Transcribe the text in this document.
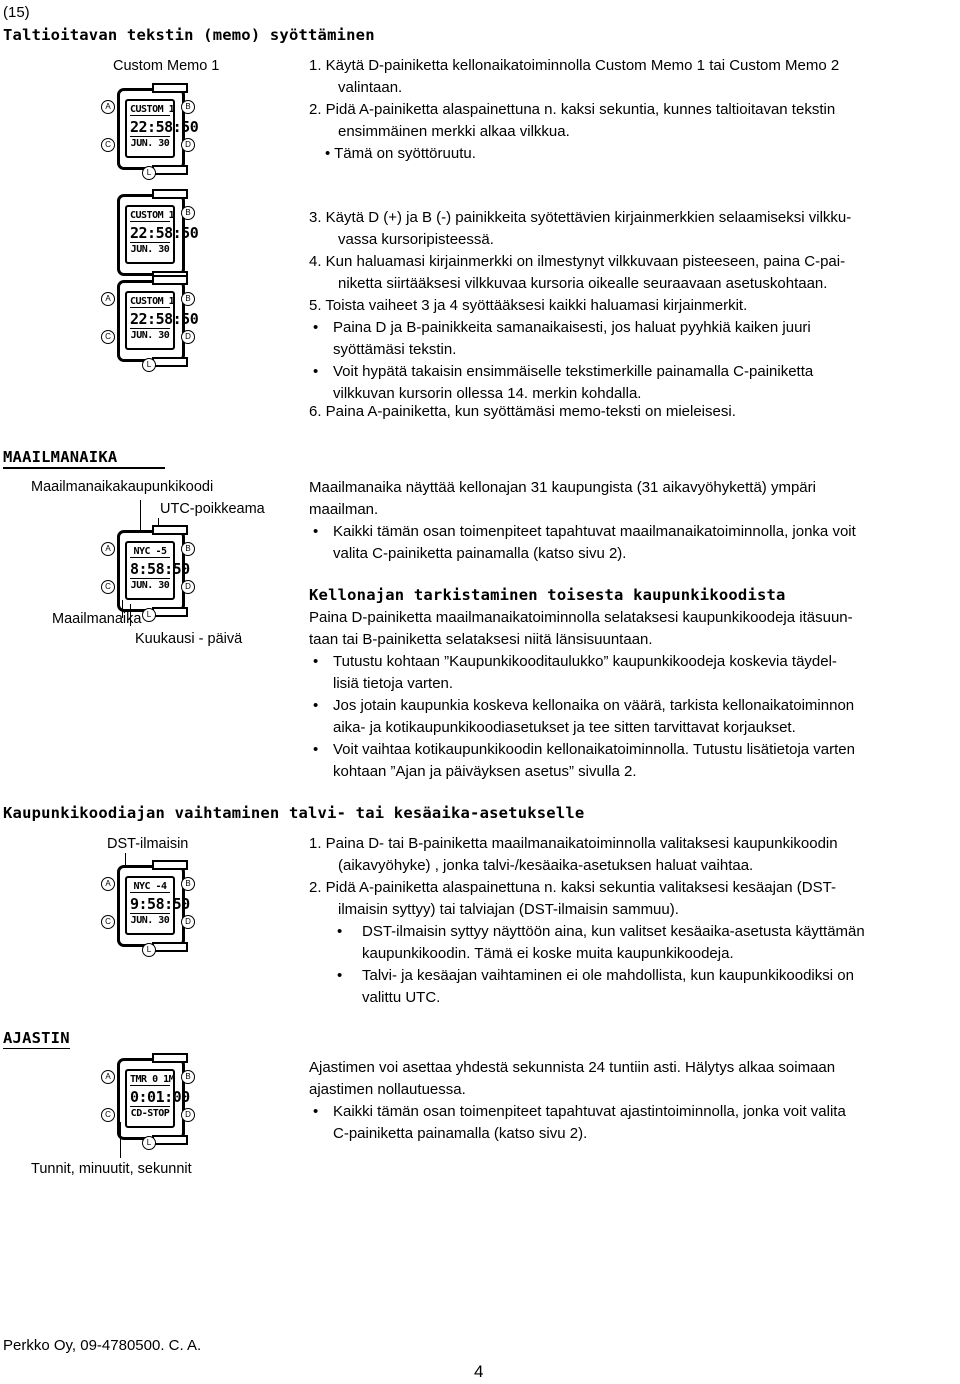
(15)
Taltioitavan tekstin (memo) syöttäminen
Custom Memo 1
CUSTOM 1
22:58:50
JUN. 30
A	B
C	D
L
CUSTOM 1
22:58:50
JUN. 30
B
CUSTOM 1
22:58:50
JUN. 30
A	B
C	D
L
1. Käytä D-painiketta kellonaikatoiminnolla Custom Memo 1 tai Custom Memo 2
valintaan.
2. Pidä A-painiketta alaspainettuna n. kaksi sekuntia, kunnes taltioitavan tekstin
ensimmäinen merkki alkaa vilkkua.
• Tämä on syöttöruutu.
3. Käytä D (+) ja B (-) painikkeita syötettävien kirjainmerkkien selaamiseksi vilkku-
vassa kursoripisteessä.
4. Kun haluamasi kirjainmerkki on ilmestynyt vilkkuvaan pisteeseen, paina C-pai-
niketta siirtääksesi vilkkuvaa kursoria oikealle seuraavaan asetuskohtaan.
5. Toista vaiheet 3 ja 4 syöttääksesi kaikki haluamasi kirjainmerkit.
• Paina D ja B-painikkeita samanaikaisesti, jos haluat pyyhkiä kaiken juuri
syöttämäsi tekstin.
• Voit hypätä takaisin ensimmäiselle tekstimerkille painamalla C-painiketta
vilkkuvan kursorin ollessa 14. merkin kohdalla.
6. Paina A-painiketta, kun syöttämäsi memo-teksti on mieleisesi.
MAAILMANAIKA
Maailmanaikakaupunkikoodi
UTC-poikkeama
NYC -5
8:58:50
JUN. 30
A	B
C	D
L
Maailmanaika
Kuukausi - päivä
Maailmanaika näyttää kellonajan 31 kaupungista (31 aikavyöhykettä) ympäri
maailman.
• Kaikki tämän osan toimenpiteet tapahtuvat maailmanaikatoiminnolla, jonka voit
valita C-painiketta painamalla (katso sivu 2).
Kellonajan tarkistaminen toisesta kaupunkikoodista
Paina D-painiketta maailmanaikatoiminnolla selataksesi kaupunkikoodeja itäsuun-
taan tai B-painiketta selataksesi niitä länsisuuntaan.
• Tutustu kohtaan ”Kaupunkikooditaulukko” kaupunkikoodeja koskevia täydel-
lisiä tietoja varten.
• Jos jotain kaupunkia koskeva kellonaika on väärä, tarkista kellonaikatoiminnon
aika- ja kotikaupunkikoodiasetukset ja tee sitten tarvittavat korjaukset.
• Voit vaihtaa kotikaupunkikoodin kellonaikatoiminnolla. Tutustu lisätietoja varten
kohtaan ”Ajan ja päiväyksen asetus” sivulla 2.
Kaupunkikoodiajan vaihtaminen talvi- tai kesäaika-asetukselle
DST-ilmaisin
NYC -4
9:58:50
JUN. 30
A	B
C	D
L
1. Paina D- tai B-painiketta maailmanaikatoiminnolla valitaksesi kaupunkikoodin
(aikavyöhyke) , jonka talvi-/kesäaika-asetuksen haluat vaihtaa.
2. Pidä A-painiketta alaspainettuna n. kaksi sekuntia valitaksesi kesäajan (DST-
ilmaisin syttyy) tai talviajan (DST-ilmaisin sammuu).
• DST-ilmaisin syttyy näyttöön aina, kun valitset kesäaika-asetusta käyttämän
kaupunkikoodin. Tämä ei koske muita kaupunkikoodeja.
• Talvi- ja kesäajan vaihtaminen ei ole mahdollista, kun kaupunkikoodiksi on
valittu UTC.
AJASTIN
TMR 0 1M
0:01:00
CD-STOP
A	B
C	D
L
Tunnit, minuutit, sekunnit
Ajastimen voi asettaa yhdestä sekunnista 24 tuntiin asti. Hälytys alkaa soimaan
ajastimen nollautuessa.
• Kaikki tämän osan toimenpiteet tapahtuvat ajastintoiminnolla, jonka voit valita
C-painiketta painamalla (katso sivu 2).
Perkko Oy, 09-4780500. C. A.
4
